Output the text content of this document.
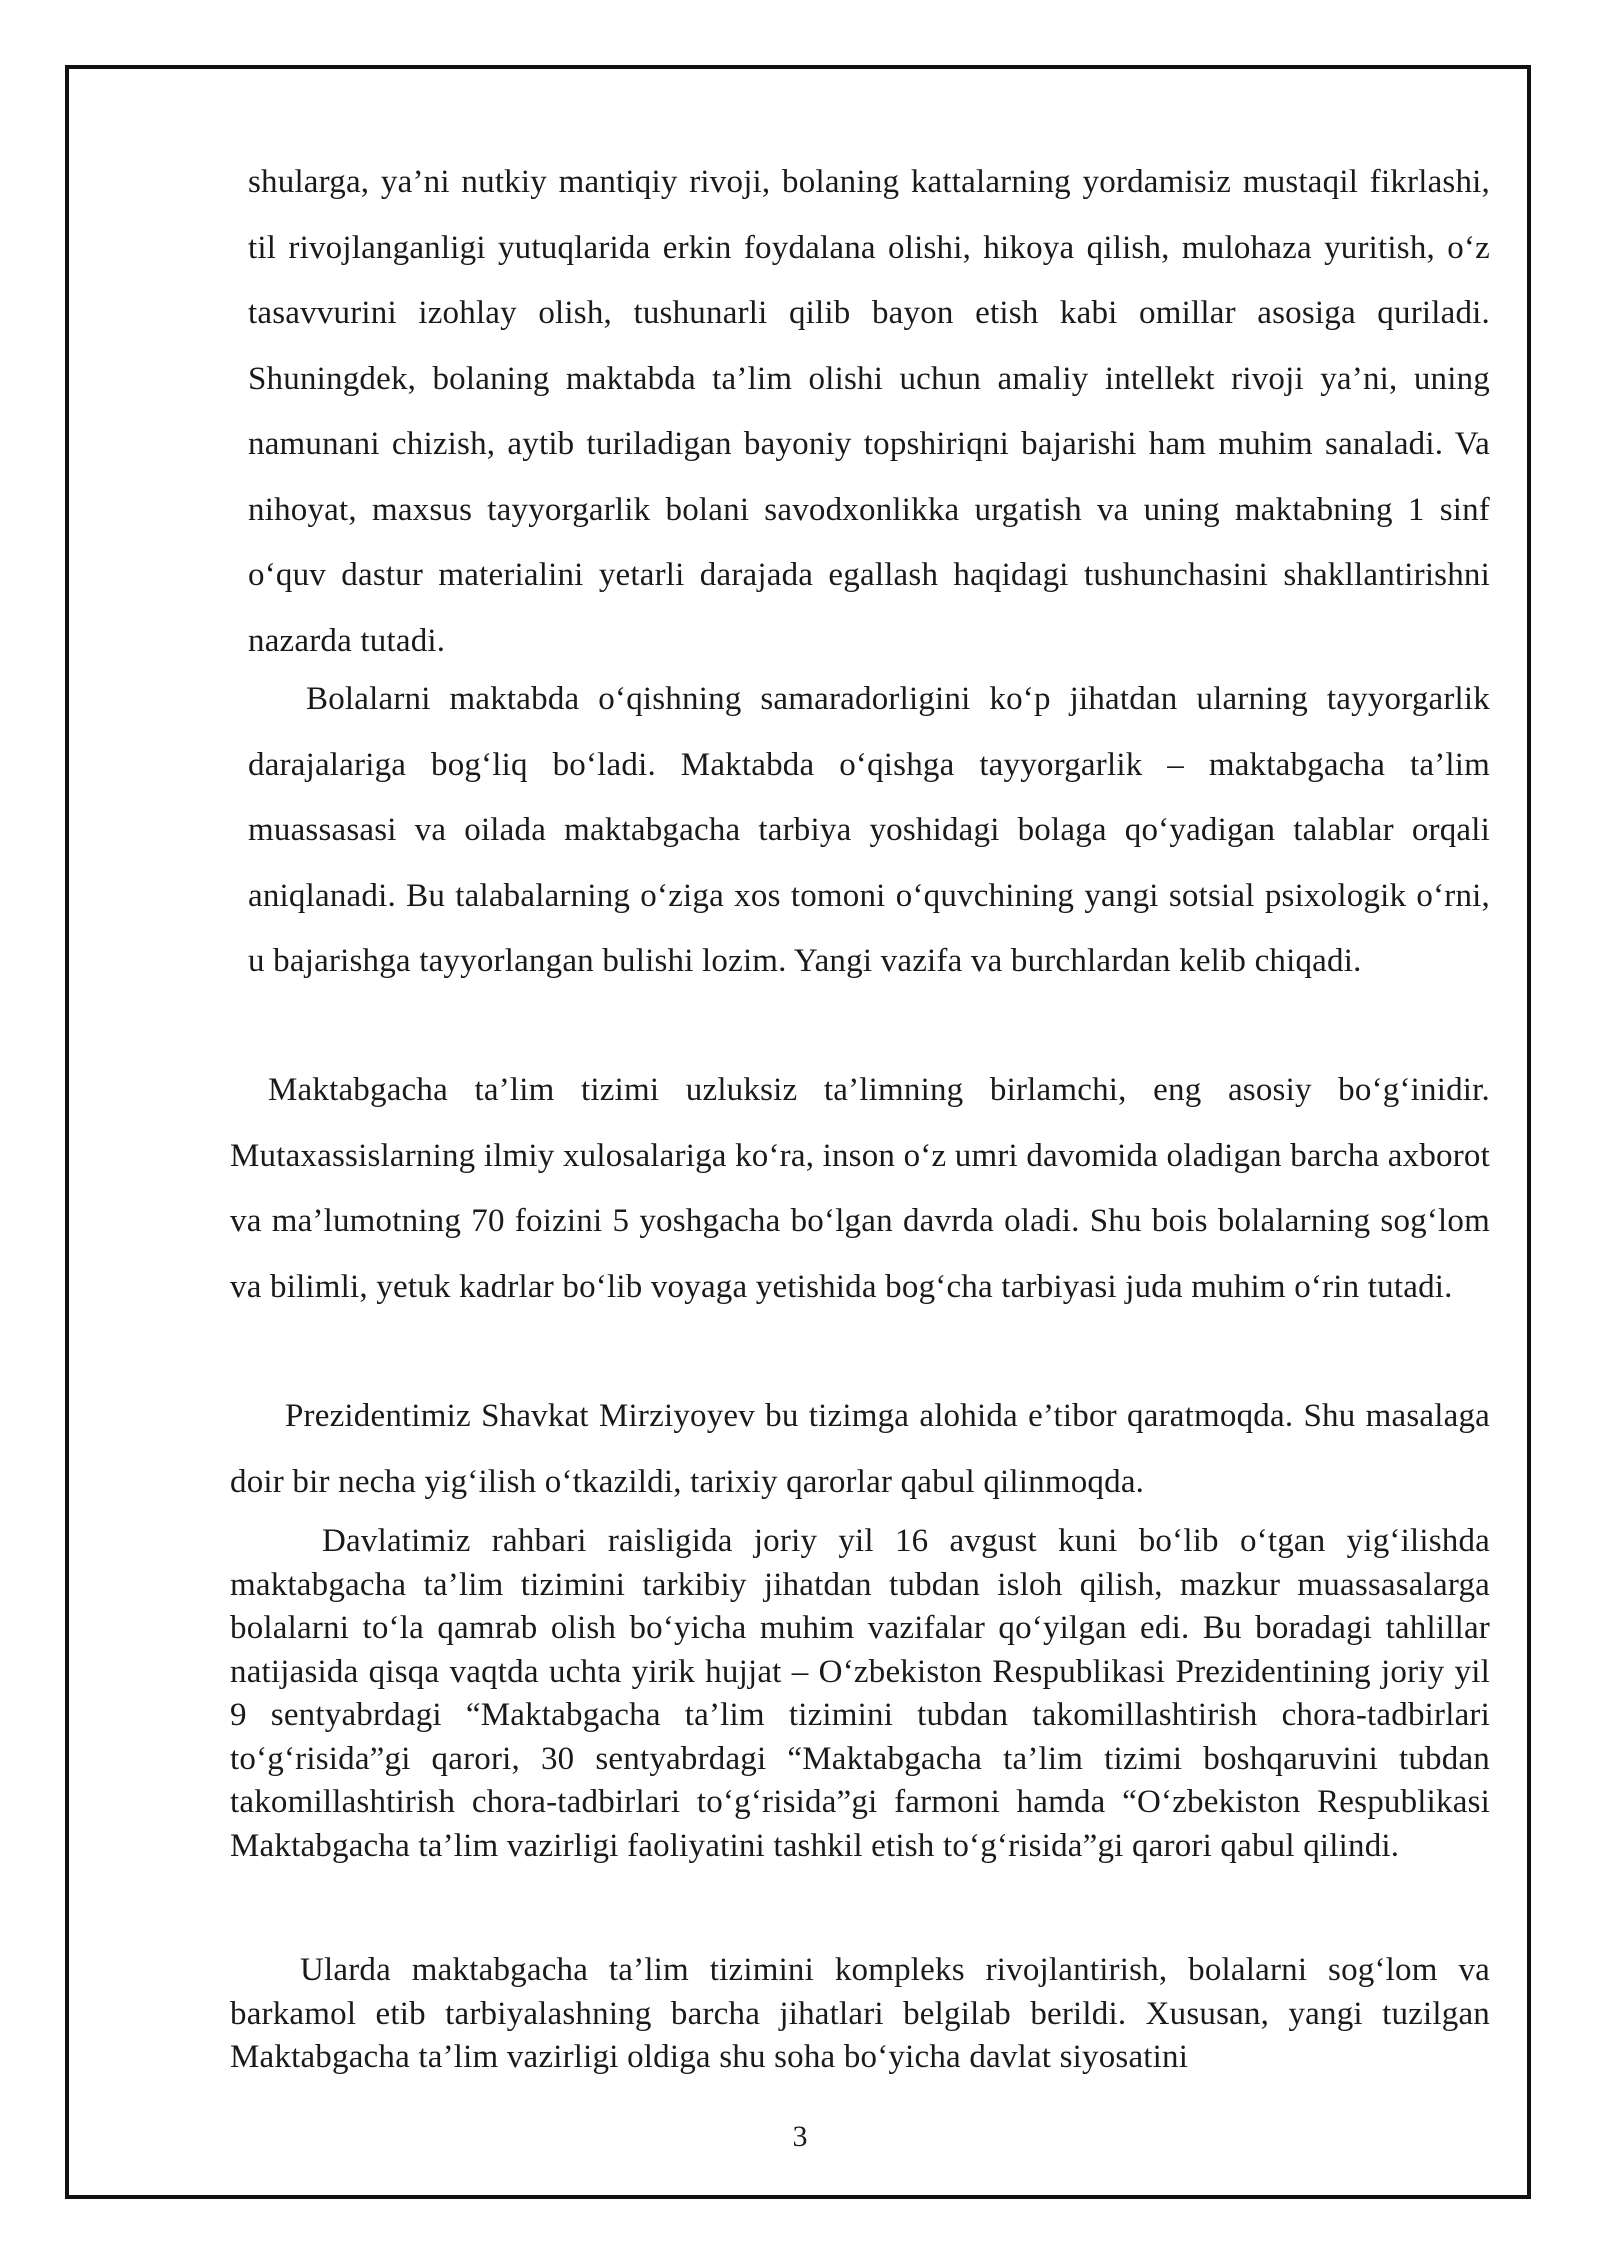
shularga, ya’ni nutkiy mantiqiy rivoji, bolaning kattalarning yordamisiz mustaqil fikrlashi, til rivojlanganligi yutuqlarida erkin foydalana olishi, hikoya qilish, mulohaza yuritish, o‘z tasavvurini izohlay olish, tushunarli qilib bayon etish kabi omillar asosiga quriladi. Shuningdek, bolaning maktabda ta’lim olishi uchun amaliy intellekt rivoji ya’ni, uning namunani chizish, aytib turiladigan bayoniy topshiriqni bajarishi ham muhim sanaladi. Va nihoyat, maxsus tayyorgarlik bolani savodxonlikka urgatish va uning maktabning 1 sinf o‘quv dastur materialini yetarli darajada egallash haqidagi tushunchasini shakllantirishni nazarda tutadi.

Bolalarni maktabda o‘qishning samaradorligini ko‘p jihatdan ularning tayyorgarlik darajalariga bog‘liq bo‘ladi. Maktabda o‘qishga tayyorgarlik – maktabgacha ta’lim muassasasi va oilada maktabgacha tarbiya yoshidagi bolaga qo‘yadigan talablar orqali aniqlanadi. Bu talabalarning o‘ziga xos tomoni o‘quvchining yangi sotsial psixologik o‘rni, u bajarishga tayyorlangan bulishi lozim. Yangi vazifa va burchlardan kelib chiqadi.

Maktabgacha ta’lim tizimi uzluksiz ta’limning birlamchi, eng asosiy bo‘g‘inidir. Mutaxassislarning ilmiy xulosalariga ko‘ra, inson o‘z umri davomida oladigan barcha axborot va ma’lumotning 70 foizini 5 yoshgacha bo‘lgan davrda oladi. Shu bois bolalarning sog‘lom va bilimli, yetuk kadrlar bo‘lib voyaga yetishida bog‘cha tarbiyasi juda muhim o‘rin tutadi.

Prezidentimiz Shavkat Mirziyoyev bu tizimga alohida e’tibor qaratmoqda. Shu masalaga doir bir necha yig‘ilish o‘tkazildi, tarixiy qarorlar qabul qilinmoqda.

Davlatimiz rahbari raisligida joriy yil 16 avgust kuni bo‘lib o‘tgan yig‘ilishda maktabgacha ta’lim tizimini tarkibiy jihatdan tubdan isloh qilish, mazkur muassasalarga bolalarni to‘la qamrab olish bo‘yicha muhim vazifalar qo‘yilgan edi. Bu boradagi tahlillar natijasida qisqa vaqtda uchta yirik hujjat – O‘zbekiston Respublikasi Prezidentining joriy yil 9 sentyabrdagi “Maktabgacha ta’lim tizimini tubdan takomillashtirish chora-tadbirlari to‘g‘risida”gi qarori, 30 sentyabrdagi “Maktabgacha ta’lim tizimi boshqaruvini tubdan takomillashtirish chora-tadbirlari to‘g‘risida”gi farmoni hamda “O‘zbekiston Respublikasi Maktabgacha ta’lim vazirligi faoliyatini tashkil etish to‘g‘risida”gi qarori qabul qilindi.

Ularda maktabgacha ta’lim tizimini kompleks rivojlantirish, bolalarni sog‘lom va barkamol etib tarbiyalashning barcha jihatlari belgilab berildi. Xususan, yangi tuzilgan Maktabgacha ta’lim vazirligi oldiga shu soha bo‘yicha davlat siyosatini

3
